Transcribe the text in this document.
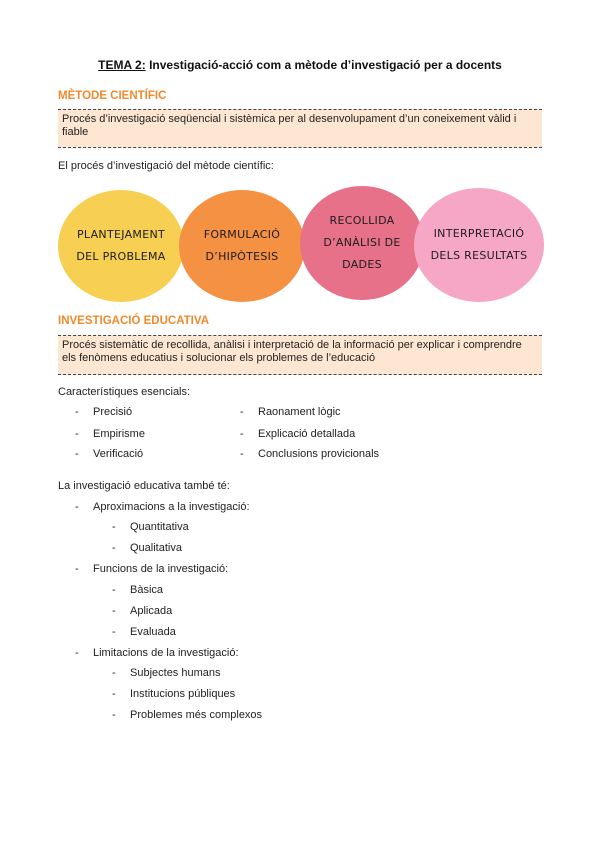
TEMA 2: Investigació-acció com a mètode d’investigació per a docents
MÈTODE CIENTÍFIC
Procés d’investigació seqüencial i sistèmica per al desenvolupament d’un coneixement vàlid i fiable
El procés d’investigació del mètode científic:
PLANTEJAMENT DEL PROBLEMA
FORMULACIÓ D’HIPÒTESIS
RECOLLIDA D’ANÀLISI DE DADES
INTERPRETACIÓ DELS RESULTATS
INVESTIGACIÓ EDUCATIVA
Procés sistemàtic de recollida, anàlisi i interpretació de la informació per explicar i comprendre els fenòmens educatius i solucionar els problemes de l’educació
Característiques esencials:
- Precisió
- Empirisme
- Verificació
- Raonament lògic
- Explicació detallada
- Conclusions provicionals
La investigació educativa també té:
- Aproximacions a la investigació:
- Quantitativa
- Qualitativa
- Funcions de la investigació:
- Bàsica
- Aplicada
- Evaluada
- Limitacions de la investigació:
- Subjectes humans
- Institucions públiques
- Problemes més complexos
